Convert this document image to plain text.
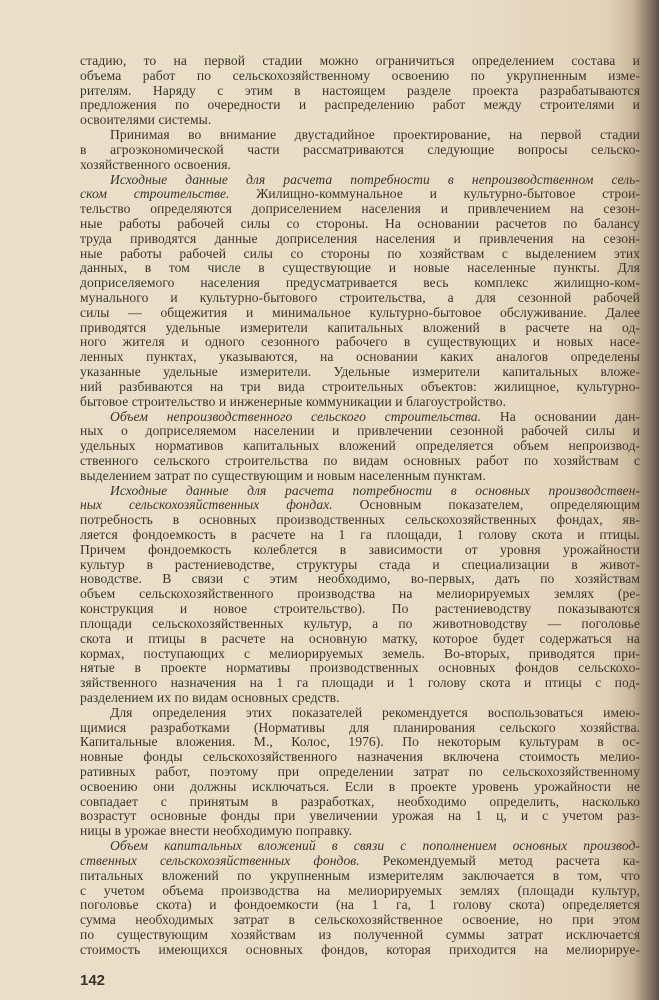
стадию, то на первой стадии можно ограничиться определением состава и
объема работ по сельскохозяйственному освоению по укрупненным изме-
рителям. Наряду с этим в настоящем разделе проекта разрабатываются
предложения по очередности и распределению работ между строителями и
освоителями системы.
Принимая во внимание двустадийное проектирование, на первой стадии
в агроэкономической части рассматриваются следующие вопросы сельско-
хозяйственного освоения.
Исходные данные для расчета потребности в непроизводственном сель-
ском строительстве. Жилищно-коммунальное и культурно-бытовое строи-
тельство определяются доприселением населения и привлечением на сезон-
ные работы рабочей силы со стороны. На основании расчетов по балансу
труда приводятся данные доприселения населения и привлечения на сезон-
ные работы рабочей силы со стороны по хозяйствам с выделением этих
данных, в том числе в существующие и новые населенные пункты. Для
доприселяемого населения предусматривается весь комплекс жилищно-ком-
мунального и культурно-бытового строительства, а для сезонной рабочей
силы — общежития и минимальное культурно-бытовое обслуживание. Далее
приводятся удельные измерители капитальных вложений в расчете на од-
ного жителя и одного сезонного рабочего в существующих и новых насе-
ленных пунктах, указываются, на основании каких аналогов определены
указанные удельные измерители. Удельные измерители капитальных вложе-
ний разбиваются на три вида строительных объектов: жилищное, культурно-
бытовое строительство и инженерные коммуникации и благоустройство.
Объем непроизводственного сельского строительства. На основании дан-
ных о доприселяемом населении и привлечении сезонной рабочей силы и
удельных нормативов капитальных вложений определяется объем непроизвод-
ственного сельского строительства по видам основных работ по хозяйствам с
выделением затрат по существующим и новым населенным пунктам.
Исходные данные для расчета потребности в основных производствен-
ных сельскохозяйственных фондах. Основным показателем, определяющим
потребность в основных производственных сельскохозяйственных фондах, яв-
ляется фондоемкость в расчете на 1 га площади, 1 голову скота и птицы.
Причем фондоемкость колеблется в зависимости от уровня урожайности
культур в растениеводстве, структуры стада и специализации в живот-
новодстве. В связи с этим необходимо, во-первых, дать по хозяйствам
объем сельскохозяйственного производства на мелиорируемых землях (ре-
конструкция и новое строительство). По растениеводству показываются
площади сельскохозяйственных культур, а по животноводству — поголовье
скота и птицы в расчете на основную матку, которое будет содержаться на
кормах, поступающих с мелиорируемых земель. Во-вторых, приводятся при-
нятые в проекте нормативы производственных основных фондов сельскохо-
зяйственного назначения на 1 га площади и 1 голову скота и птицы с под-
разделением их по видам основных средств.
Для определения этих показателей рекомендуется воспользоваться имею-
щимися разработками (Нормативы для планирования сельского хозяйства.
Капитальные вложения. М., Колос, 1976). По некоторым культурам в ос-
новные фонды сельскохозяйственного назначения включена стоимость мелио-
ративных работ, поэтому при определении затрат по сельскохозяйственному
освоению они должны исключаться. Если в проекте уровень урожайности не
совпадает с принятым в разработках, необходимо определить, насколько
возрастут основные фонды при увеличении урожая на 1 ц, и с учетом раз-
ницы в урожае внести необходимую поправку.
Объем капитальных вложений в связи с пополнением основных производ-
ственных сельскохозяйственных фондов. Рекомендуемый метод расчета ка-
питальных вложений по укрупненным измерителям заключается в том, что
с учетом объема производства на мелиорируемых землях (площади культур,
поголовье скота) и фондоемкости (на 1 га, 1 голову скота) определяется
сумма необходимых затрат в сельскохозяйственное освоение, но при этом
по существующим хозяйствам из полученной суммы затрат исключается
стоимость имеющихся основных фондов, которая приходится на мелиорируе-
142
